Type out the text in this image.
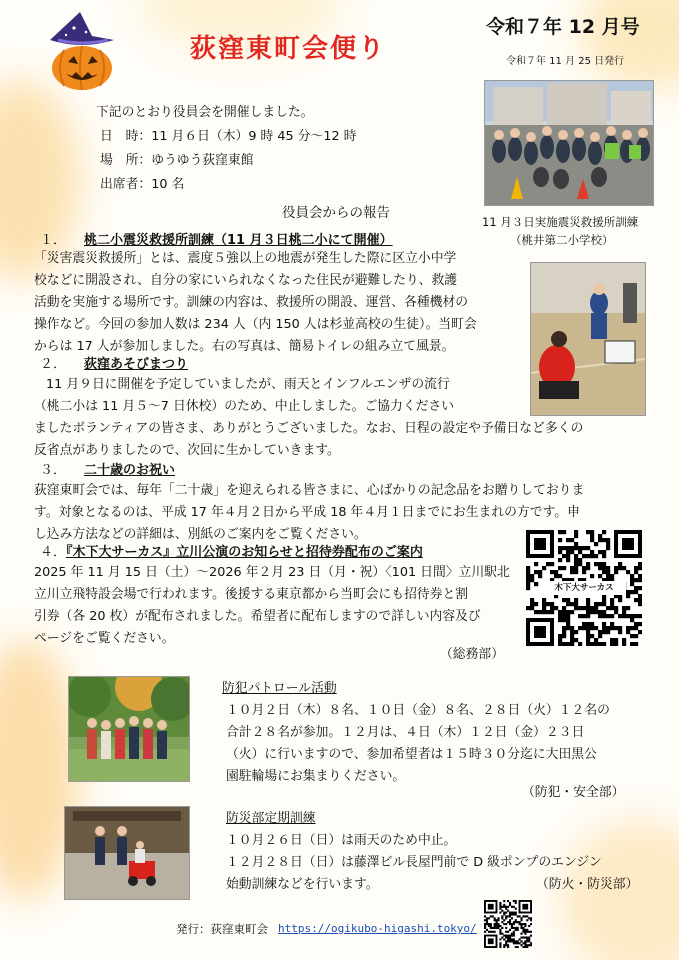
荻窪東町会便り
令和７年 12 月号
令和７年 11 月 25 日発行
下記のとおり役員会を開催しました。
日　時：11 月６日（木）9 時 45 分～12 時
場　所：ゆうゆう荻窪東館
出席者：10 名
役員会からの報告
11 月３日実施震災救援所訓練
（桃井第二小学校）
１． 桃二小震災救援所訓練（11 月３日桃二小にて開催）
「災害震災救援所」とは、震度５強以上の地震が発生した際に区立小中学
校などに開設され、自分の家にいられなくなった住民が避難したり、救護
活動を実施する場所です。訓練の内容は、救援所の開設、運営、各種機材の
操作など。今回の参加人数は 234 人（内 150 人は杉並高校の生徒）。当町会
からは 17 人が参加しました。右の写真は、簡易トイレの組み立て風景。
２． 荻窪あそびまつり
11 月９日に開催を予定していましたが、雨天とインフルエンザの流行
（桃二小は 11 月５～7 日休校）のため、中止しました。ご協力ください
ましたボランティアの皆さま、ありがとうございました。なお、日程の設定や予備日など多くの
反省点がありましたので、次回に生かしていきます。
３． 二十歳のお祝い
荻窪東町会では、毎年「二十歳」を迎えられる皆さまに、心ばかりの記念品をお贈りしておりま
す。対象となるのは、平成 17 年４月２日から平成 18 年４月１日までにお生まれの方です。申
し込み方法などの詳細は、別紙のご案内をご覧ください。
４．『木下大サーカス』立川公演のお知らせと招待券配布のご案内
2025 年 11 月 15 日（土）～2026 年２月 23 日（月・祝）〈101 日間〉立川駅北
立川立飛特設会場で行われます。後援する東京都から当町会にも招待券と割
引券（各 20 枚）が配布されました。希望者に配布しますので詳しい内容及び
ページをご覧ください。
（総務部）
木下大サーカス
防犯パトロール活動
１０月２日（木）８名、１０日（金）８名、２８日（火）１２名の
合計２８名が参加。１２月は、４日（木）１２日（金）２３日
（火）に行いますので、参加希望者は１５時３０分迄に大田黒公
園駐輪場にお集まりください。
（防犯・安全部）
防災部定期訓練
１０月２６日（日）は雨天のため中止。
１２月２８日（日）は藤澤ビル長屋門前で D 級ポンプのエンジン
始動訓練などを行います。	（防火・防災部）
発行：荻窪東町会 https://ogikubo-higashi.tokyo/
